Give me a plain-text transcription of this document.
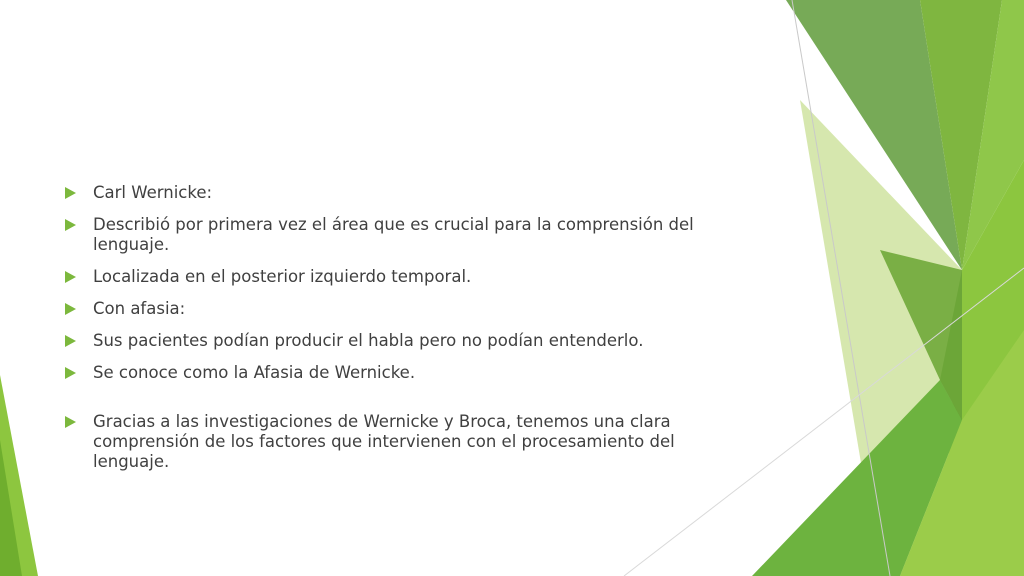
Carl Wernicke:
Describió por primera vez el área que es crucial para la comprensión del lenguaje.
Localizada en el posterior izquierdo temporal.
Con afasia:
Sus pacientes podían producir el habla pero no podían entenderlo.
Se conoce como la Afasia de Wernicke.
Gracias a las investigaciones de Wernicke y Broca, tenemos una clara comprensión de los factores que intervienen con el procesamiento del lenguaje.
